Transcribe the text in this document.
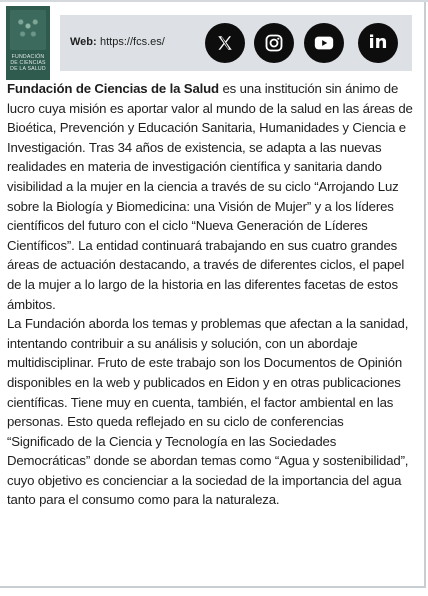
FUNDACIÓN DE CIENCIAS DE LA SALUD
Web: https://fcs.es/	in

Fundación de Ciencias de la Salud es una institución sin ánimo de lucro cuya misión es aportar valor al mundo de la salud en las áreas de Bioética, Prevención y Educación Sanitaria, Humanidades y Ciencia e Investigación. Tras 34 años de existencia, se adapta a las nuevas realidades en materia de investigación científica y sanitaria dando visibilidad a la mujer en la ciencia a través de su ciclo “Arrojando Luz sobre la Biología y Biomedicina: una Visión de Mujer” y a los líderes científicos del futuro con el ciclo “Nueva Generación de Líderes Científicos”. La entidad continuará trabajando en sus cuatro grandes áreas de actuación destacando, a través de diferentes ciclos, el papel de la mujer a lo largo de la historia en las diferentes facetas de estos ámbitos.

La Fundación aborda los temas y problemas que afectan a la sanidad, intentando contribuir a su análisis y solución, con un abordaje multidisciplinar. Fruto de este trabajo son los Documentos de Opinión disponibles en la web y publicados en Eidon y en otras publicaciones científicas. Tiene muy en cuenta, también, el factor ambiental en las personas. Esto queda reflejado en su ciclo de conferencias “Significado de la Ciencia y Tecnología en las Sociedades Democráticas” donde se abordan temas como “Agua y sostenibilidad”, cuyo objetivo es concienciar a la sociedad de la importancia del agua tanto para el consumo como para la naturaleza.
